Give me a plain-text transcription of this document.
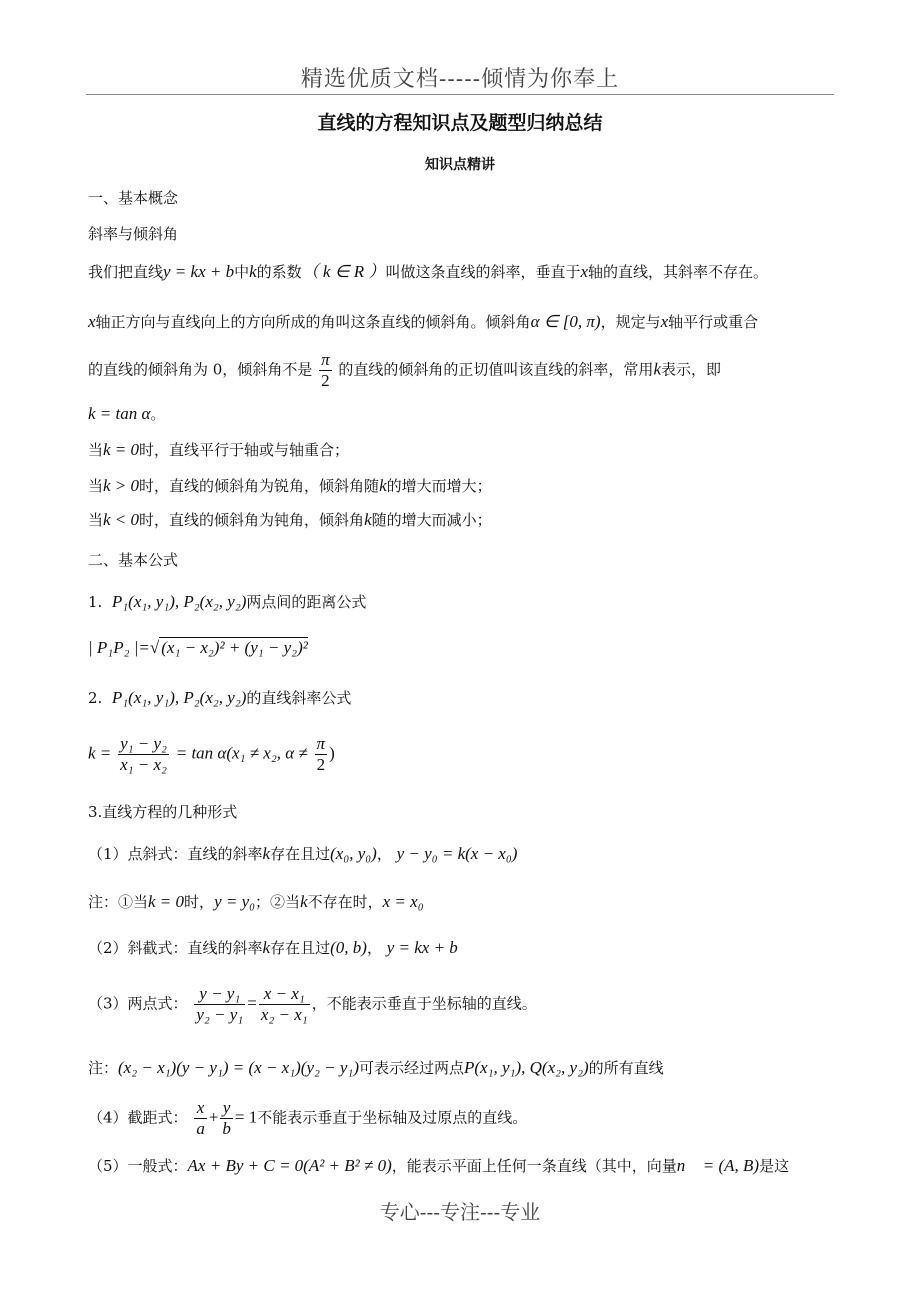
精选优质文档-----倾情为你奉上
直线的方程知识点及题型归纳总结
知识点精讲
一、基本概念
斜率与倾斜角
我们把直线y = kx + b中k的系数（ k ∈ R ）叫做这条直线的斜率，垂直于x轴的直线，其斜率不存在。
x轴正方向与直线向上的方向所成的角叫这条直线的倾斜角。倾斜角α ∈ [0, π)，规定与x轴平行或重合
的直线的倾斜角为 0，倾斜角不是 $\frac{\pi}{2}$ 的直线的倾斜角的正切值叫该直线的斜率，常用k表示，即
k = tan α。
当k = 0时，直线平行于轴或与轴重合；
当k > 0时，直线的倾斜角为锐角，倾斜角随k的增大而增大；
当k < 0时，直线的倾斜角为钝角，倾斜角k随的增大而减小；
二、基本公式
1. P₁(x₁, y₁), P₂(x₂, y₂)两点间的距离公式
| P₁P₂ |=√ (x₁ − x₂)² + (y₁ − y₂)²
2. P₁(x₁, y₁), P₂(x₂, y₂)的直线斜率公式
$k = \frac{\text{y₁ − y₂}}{\text{x₁ − x₂}} = \tan \alpha(x_1 \ne x_2$, $\alpha \ne \frac{\pi}{2}$ )
3.直线方程的几种形式
（1）点斜式：直线的斜率k存在且过(x₀, y₀)， y − y₀ = k(x − x₀)
注：①当k = 0时，y = y₀；②当k不存在时，x = x₀
（2）斜截式：直线的斜率k存在且过(0, b)， y = kx + b
（3）两点式： $\frac{\text{y − y₁}}{\text{y₂ − y₁}} = \frac{\text{x − x₁}}{\text{x₂ − x₁}}$ ，不能表示垂直于坐标轴的直线。
注：(x₂ − x₁)(y − y₁) = (x − x₁)(y₂ − y₁)可表示经过两点P(x₁, y₁), Q(x₂, y₂)的所有直线
（4）截距式： $\frac{x}{a} + \frac{y}{b} = 1$不能表示垂直于坐标轴及过原点的直线。
（5）一般式：Ax + By + C = 0(A² + B² ≠ 0)，能表示平面上任何一条直线（其中，向量n⃗ = (A, B)是这
专心---专注---专业
